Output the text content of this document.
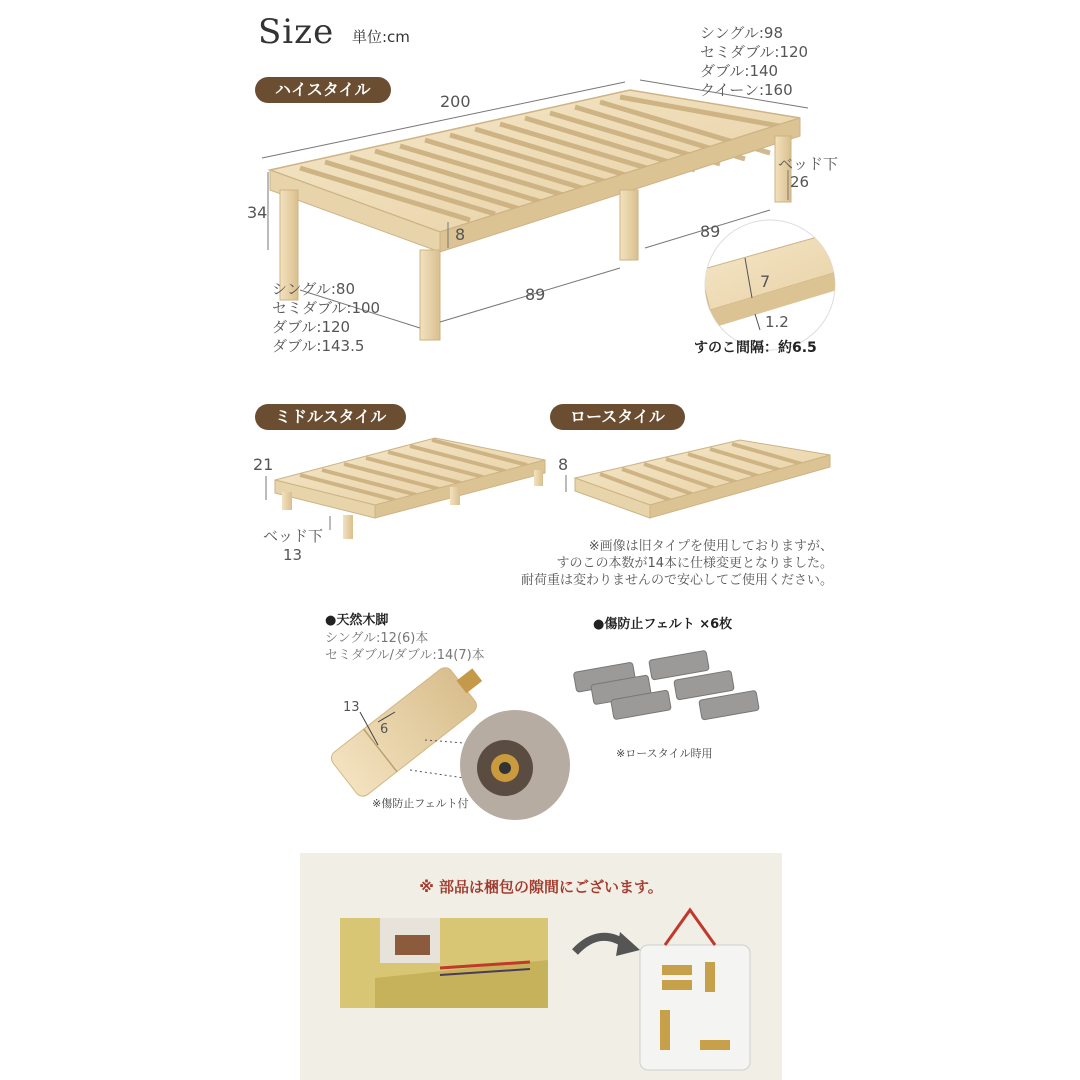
Size 単位:cm
ハイスタイル
200
34
8
89
89
ベッド下
26
シングル:98
セミダブル:120
ダブル:140
クイーン:160
シングル:80
セミダブル:100
ダブル:120
ダブル:143.5
7
1.2
すのこ間隔：約6.5
ミドルスタイル
21
ベッド下
13
ロースタイル
8
※画像は旧タイプを使用しておりますが、
すのこの本数が14本に仕様変更となりました。
耐荷重は変わりませんので安心してご使用ください。
●天然木脚
シングル:12(6)本
セミダブル/ダブル:14(7)本
13
6
※傷防止フェルト付
●傷防止フェルト ×6枚
※ロースタイル時用
※ 部品は梱包の隙間にございます。
